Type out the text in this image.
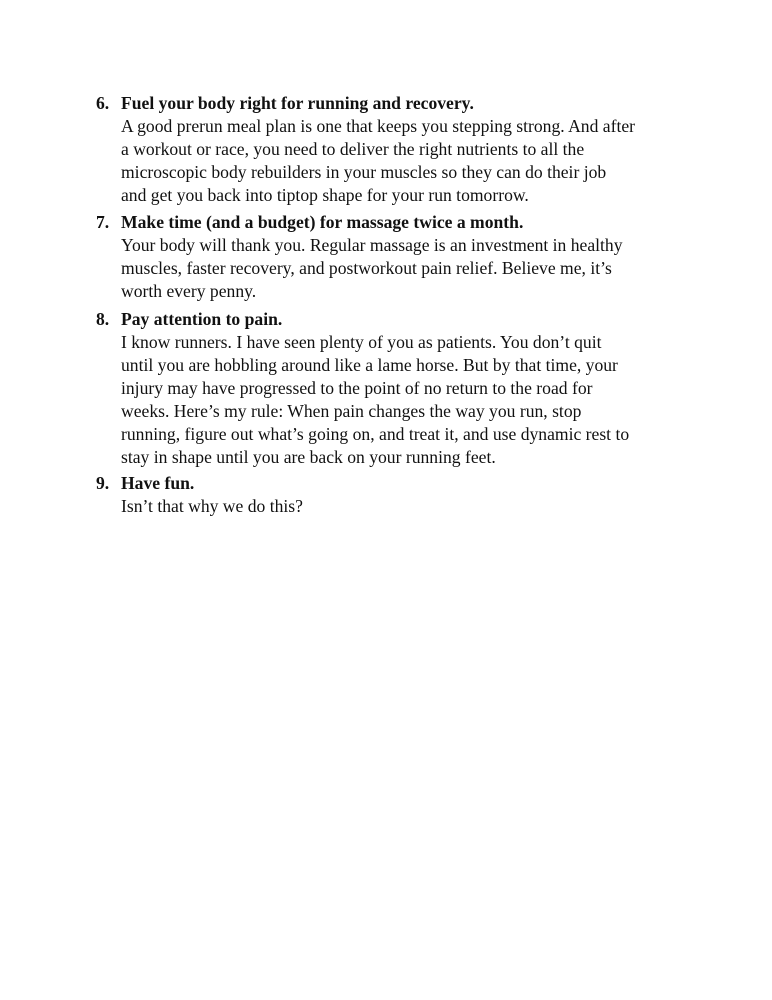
6. Fuel your body right for running and recovery.
A good prerun meal plan is one that keeps you stepping strong. And after
a workout or race, you need to deliver the right nutrients to all the
microscopic body rebuilders in your muscles so they can do their job
and get you back into tiptop shape for your run tomorrow.
7. Make time (and a budget) for massage twice a month.
Your body will thank you. Regular massage is an investment in healthy
muscles, faster recovery, and postworkout pain relief. Believe me, it’s
worth every penny.
8. Pay attention to pain.
I know runners. I have seen plenty of you as patients. You don’t quit
until you are hobbling around like a lame horse. But by that time, your
injury may have progressed to the point of no return to the road for
weeks. Here’s my rule: When pain changes the way you run, stop
running, figure out what’s going on, and treat it, and use dynamic rest to
stay in shape until you are back on your running feet.
9. Have fun.
Isn’t that why we do this?
